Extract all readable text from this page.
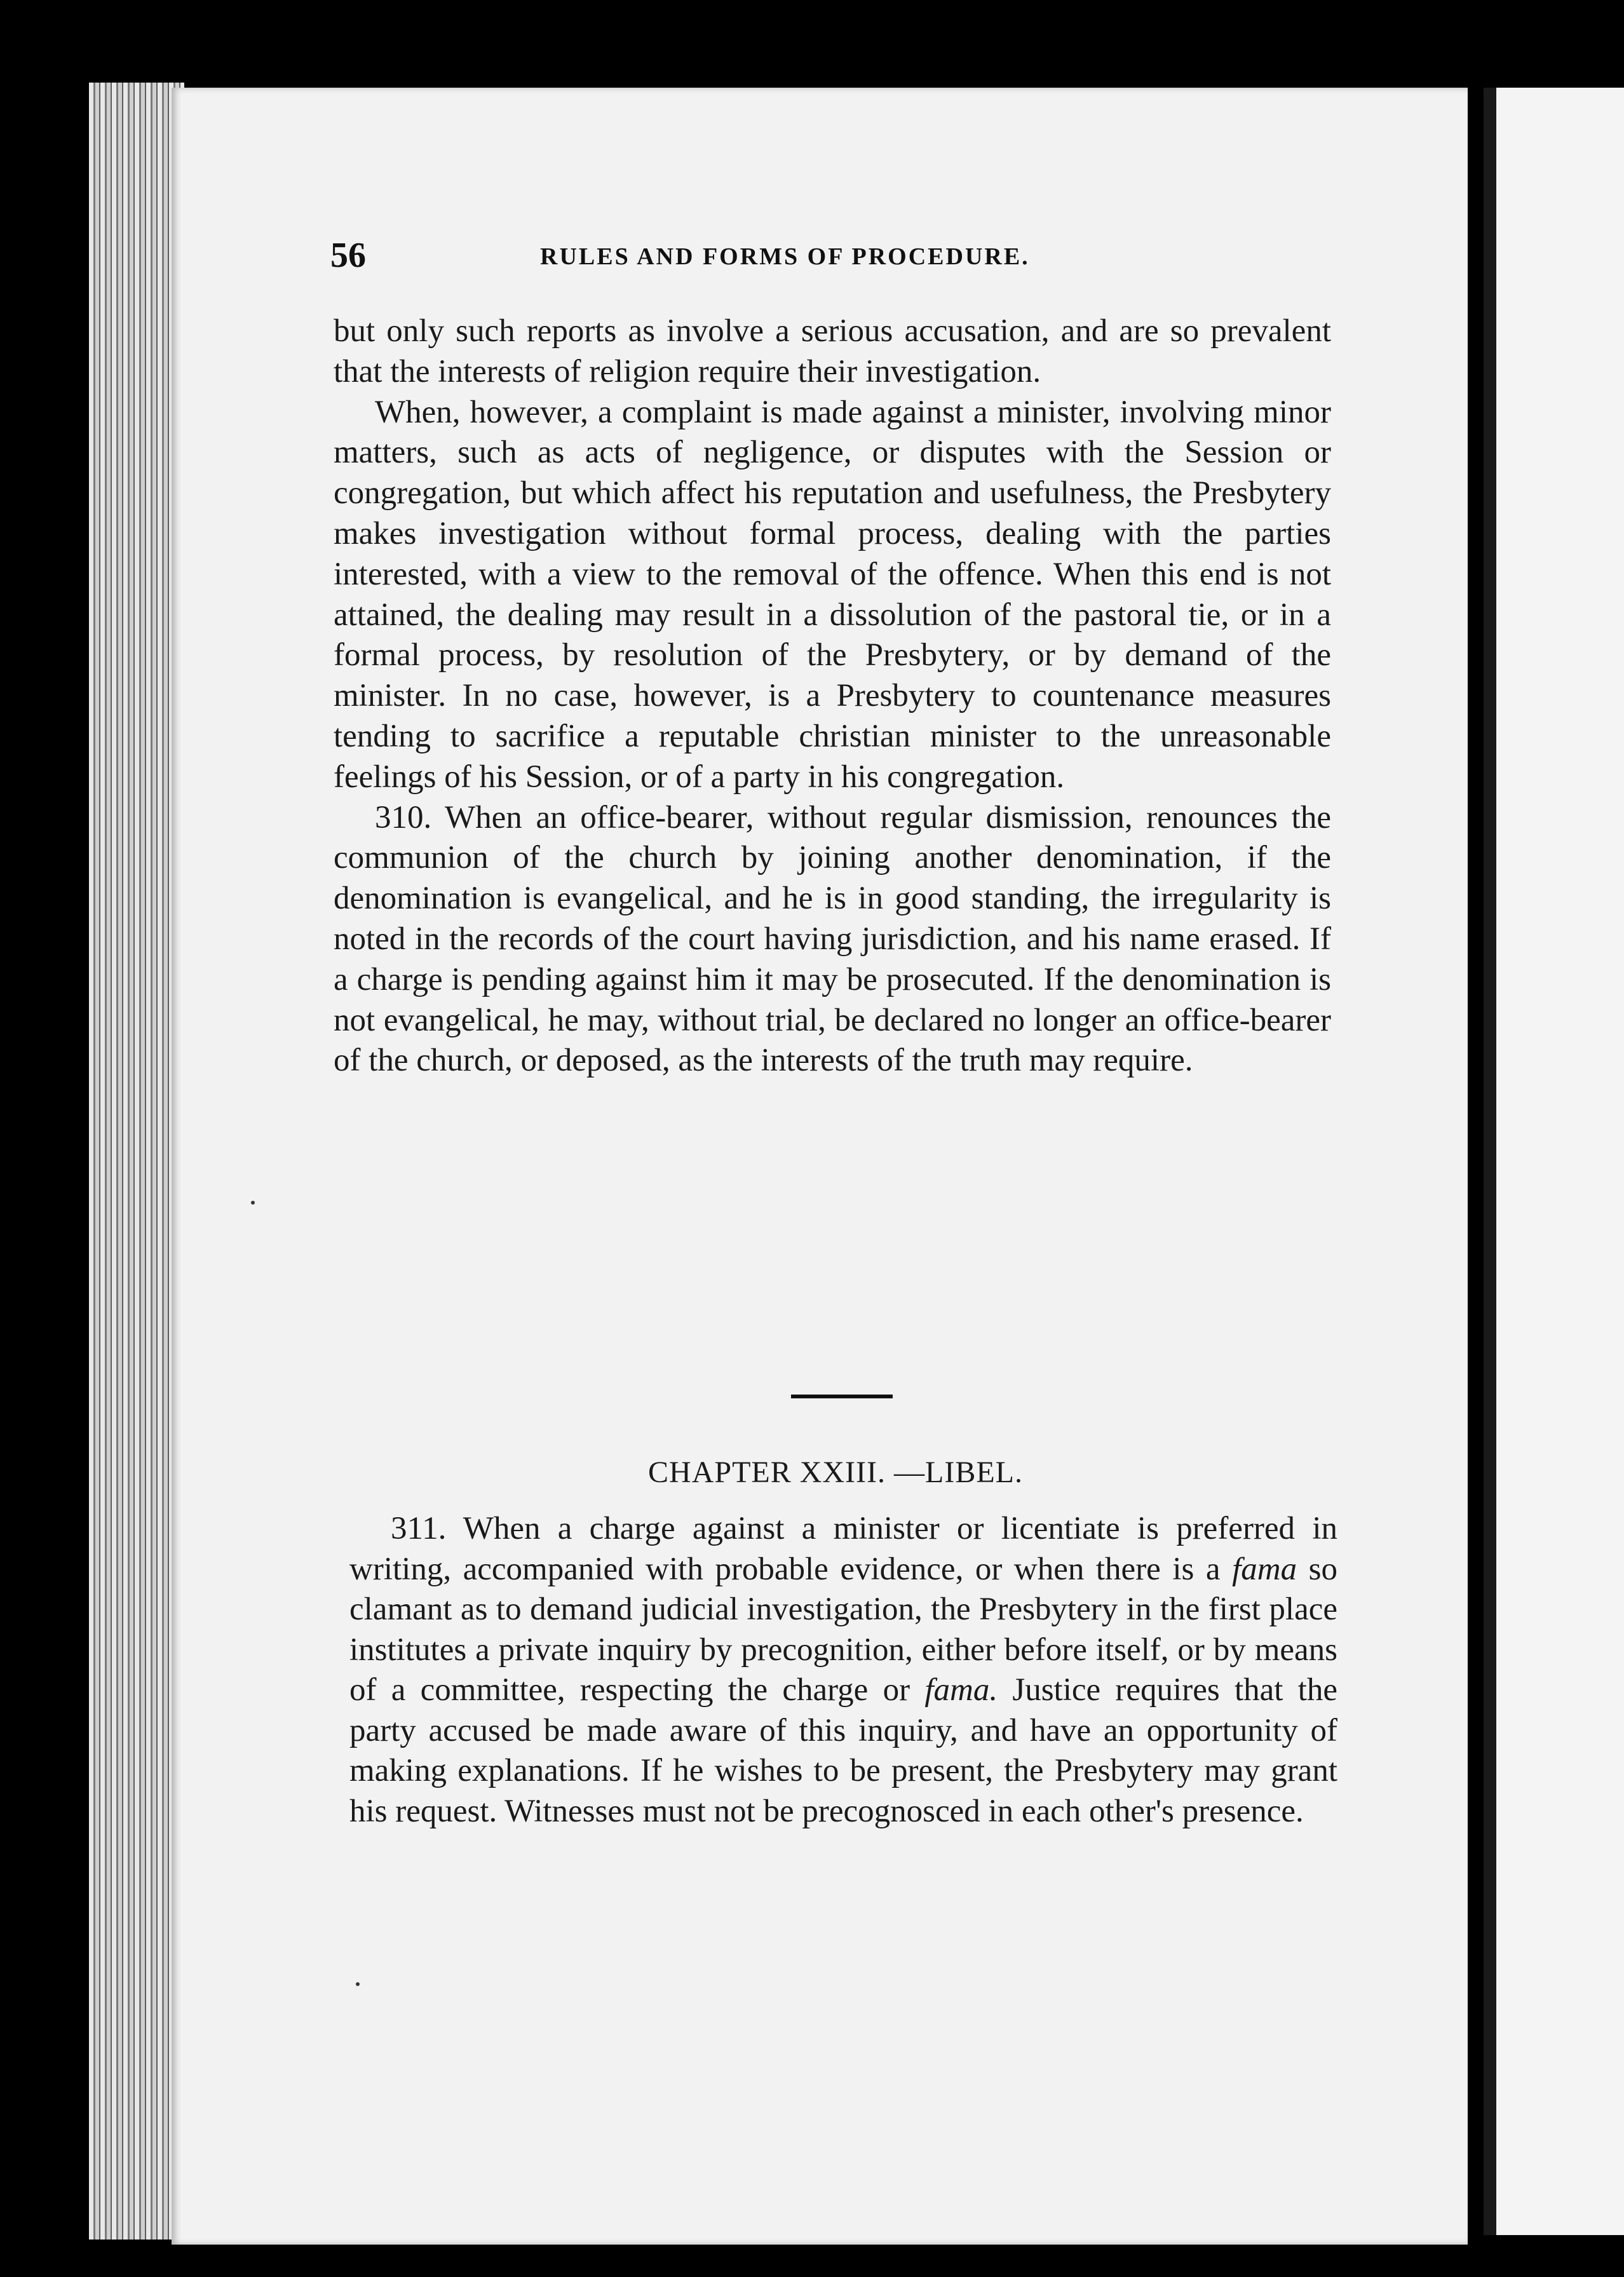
56	RULES AND FORMS OF PROCEDURE.

but only such reports as involve a serious accusation, and are so prevalent that the interests of religion require their investigation.

When, however, a complaint is made against a minister, involving minor matters, such as acts of negligence, or disputes with the Session or congregation, but which affect his reputation and usefulness, the Presbytery makes investigation without formal process, dealing with the parties interested, with a view to the removal of the offence. When this end is not attained, the dealing may result in a dissolution of the pastoral tie, or in a formal process, by resolution of the Presbytery, or by demand of the minister. In no case, however, is a Presbytery to countenance measures tending to sacrifice a reputable christian minister to the unreasonable feelings of his Session, or of a party in his congregation.

310. When an office-bearer, without regular dismission, renounces the communion of the church by joining another denomination, if the denomination is evangelical, and he is in good standing, the irregularity is noted in the records of the court having jurisdiction, and his name erased. If a charge is pending against him it may be prosecuted. If the denomination is not evangelical, he may, without trial, be declared no longer an office-bearer of the church, or deposed, as the interests of the truth may require.

CHAPTER XXIII. —LIBEL.

311. When a charge against a minister or licentiate is preferred in writing, accompanied with probable evidence, or when there is a fama so clamant as to demand judicial investigation, the Presbytery in the first place institutes a private inquiry by precognition, either before itself, or by means of a committee, respecting the charge or fama. Justice requires that the party accused be made aware of this inquiry, and have an opportunity of making explanations. If he wishes to be present, the Presbytery may grant his request. Witnesses must not be precognosced in each other's presence.
